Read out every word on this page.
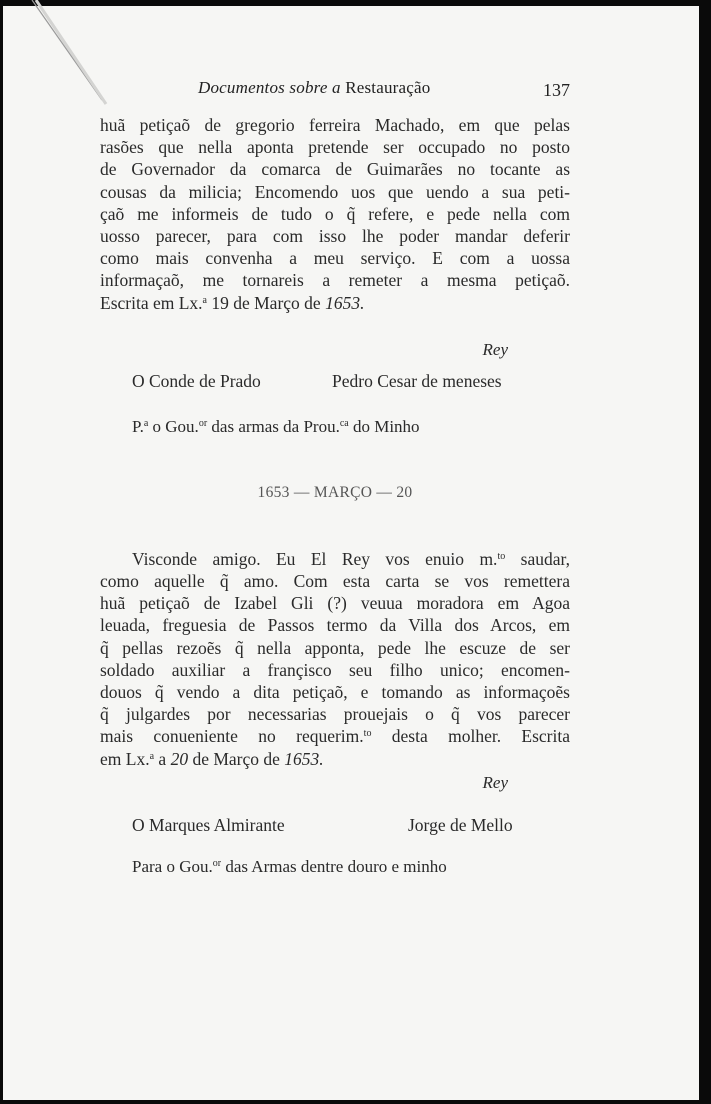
Documentos sobre a Restauração	137
huã petiçaõ de gregorio ferreira Machado, em que pelas
rasões que nella aponta pretende ser occupado no posto
de Governador da comarca de Guimarães no tocante as
cousas da milicia; Encomendo uos que uendo a sua peti-
çaõ me informeis de tudo o q̃ refere, e pede nella com
uosso parecer, para com isso lhe poder mandar deferir
como mais convenha a meu serviço. E com a uossa
informaçaõ, me tornareis a remeter a mesma petiçaõ.
Escrita em Lx.$^a$ 19 de Março de 1653.
Rey
O Conde de Prado	Pedro Cesar de meneses
P.$^a$ o Gou.$^{or}$ das armas da Prou.$^{ca}$ do Minho
1653 — MARÇO — 20
Visconde amigo. Eu El Rey vos enuio m.$^{to}$ saudar,
como aquelle q̃ amo. Com esta carta se vos remettera
huã petiçaõ de Izabel Gli (?) veuua moradora em Agoa
leuada, freguesia de Passos termo da Villa dos Arcos, em
q̃ pellas rezoẽs q̃ nella apponta, pede lhe escuze de ser
soldado auxiliar a françisco seu filho unico; encomen-
douos q̃ vendo a dita petiçaõ, e tomando as informaçoẽs
q̃ julgardes por necessarias prouejais o q̃ vos parecer
mais conueniente no requerim.$^{to}$ desta molher. Escrita
em Lx.$^a$ a 20 de Março de 1653.
Rey
O Marques Almirante	Jorge de Mello
Para o Gou.$^{or}$ das Armas dentre douro e minho
